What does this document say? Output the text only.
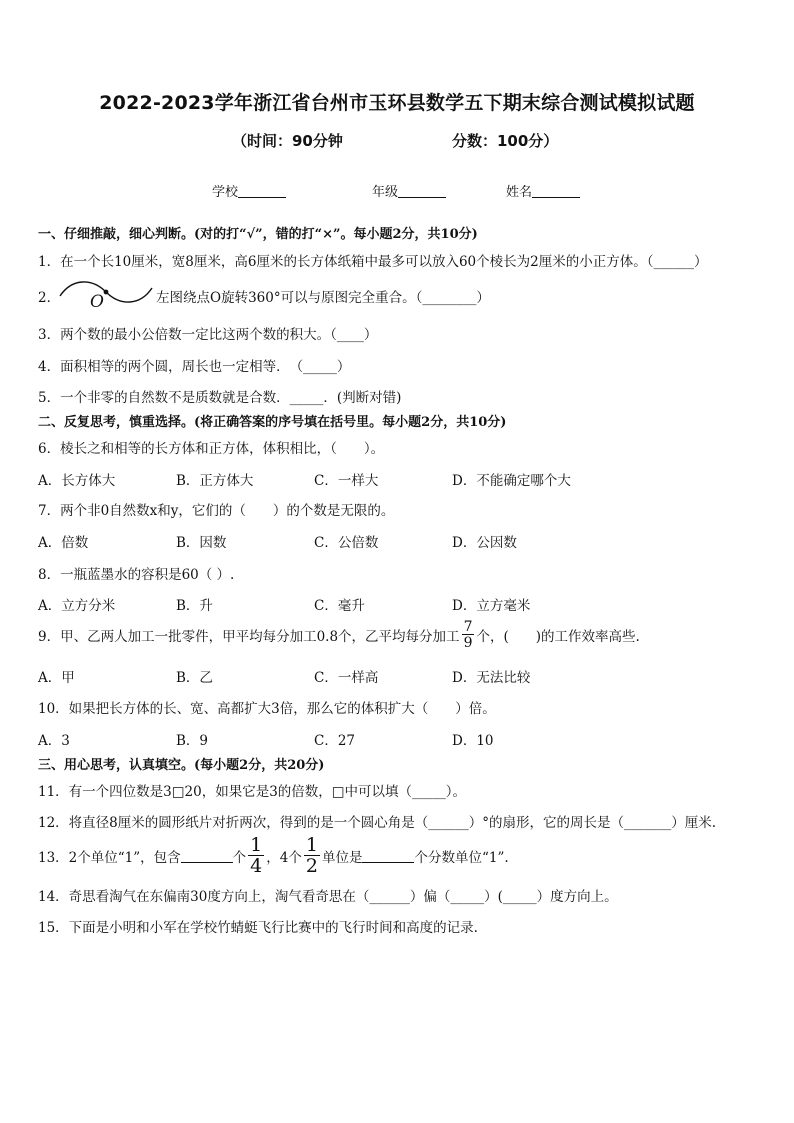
2022-2023学年浙江省台州市玉环县数学五下期末综合测试模拟试题
（时间：90分钟	分数：100分）
学校	年级	姓名
一、仔细推敲，细心判断。(对的打“√”，错的打“×”。每小题2分，共10分)
1．在一个长10厘米，宽8厘米，高6厘米的长方体纸箱中最多可以放入60个棱长为2厘米的小正方体。（______）
2． O	左图绕点O旋转360°可以与原图完全重合。（________）
3．两个数的最小公倍数一定比这两个数的积大。（____）
4．面积相等的两个圆，周长也一定相等．　（_____）
5．一个非零的自然数不是质数就是合数．_____．(判断对错)
二、反复思考，慎重选择。(将正确答案的序号填在括号里。每小题2分，共10分)
6．棱长之和相等的长方体和正方体，体积相比，（　　）。
A．长方体大	B．正方体大	C．一样大	D．不能确定哪个大
7．两个非0自然数x和y，它们的（　　）的个数是无限的。
A．倍数	B．因数	C．公倍数	D．公因数
8．一瓶蓝墨水的容积是60（ ）.
A．立方分米	B．升	C．毫升	D．立方毫米
9．甲、乙两人加工一批零件，甲平均每分加工0.8个，乙平均每分加工 $\frac{7}{9}$ 个，(　　)的工作效率高些.
A．甲	B．乙	C．一样高	D．无法比较
10．如果把长方体的长、宽、高都扩大3倍，那么它的体积扩大（　　）倍。
A．3	B．9	C．27	D．10
三、用心思考，认真填空。(每小题2分，共20分)
11．有一个四位数是3□20，如果它是3的倍数，□中可以填（_____）。
12．将直径8厘米的圆形纸片对折两次，得到的是一个圆心角是（______）°的扇形，它的周长是（_______）厘米.
13．2个单位“1”，包含	个 $\frac{1}{4}$ ，4个 $\frac{1}{2}$ 单位是	个分数单位“1”.
14．奇思看淘气在东偏南30度方向上，淘气看奇思在（______）偏（_____）(_____）度方向上。
15．下面是小明和小军在学校竹蜻蜓飞行比赛中的飞行时间和高度的记录.
